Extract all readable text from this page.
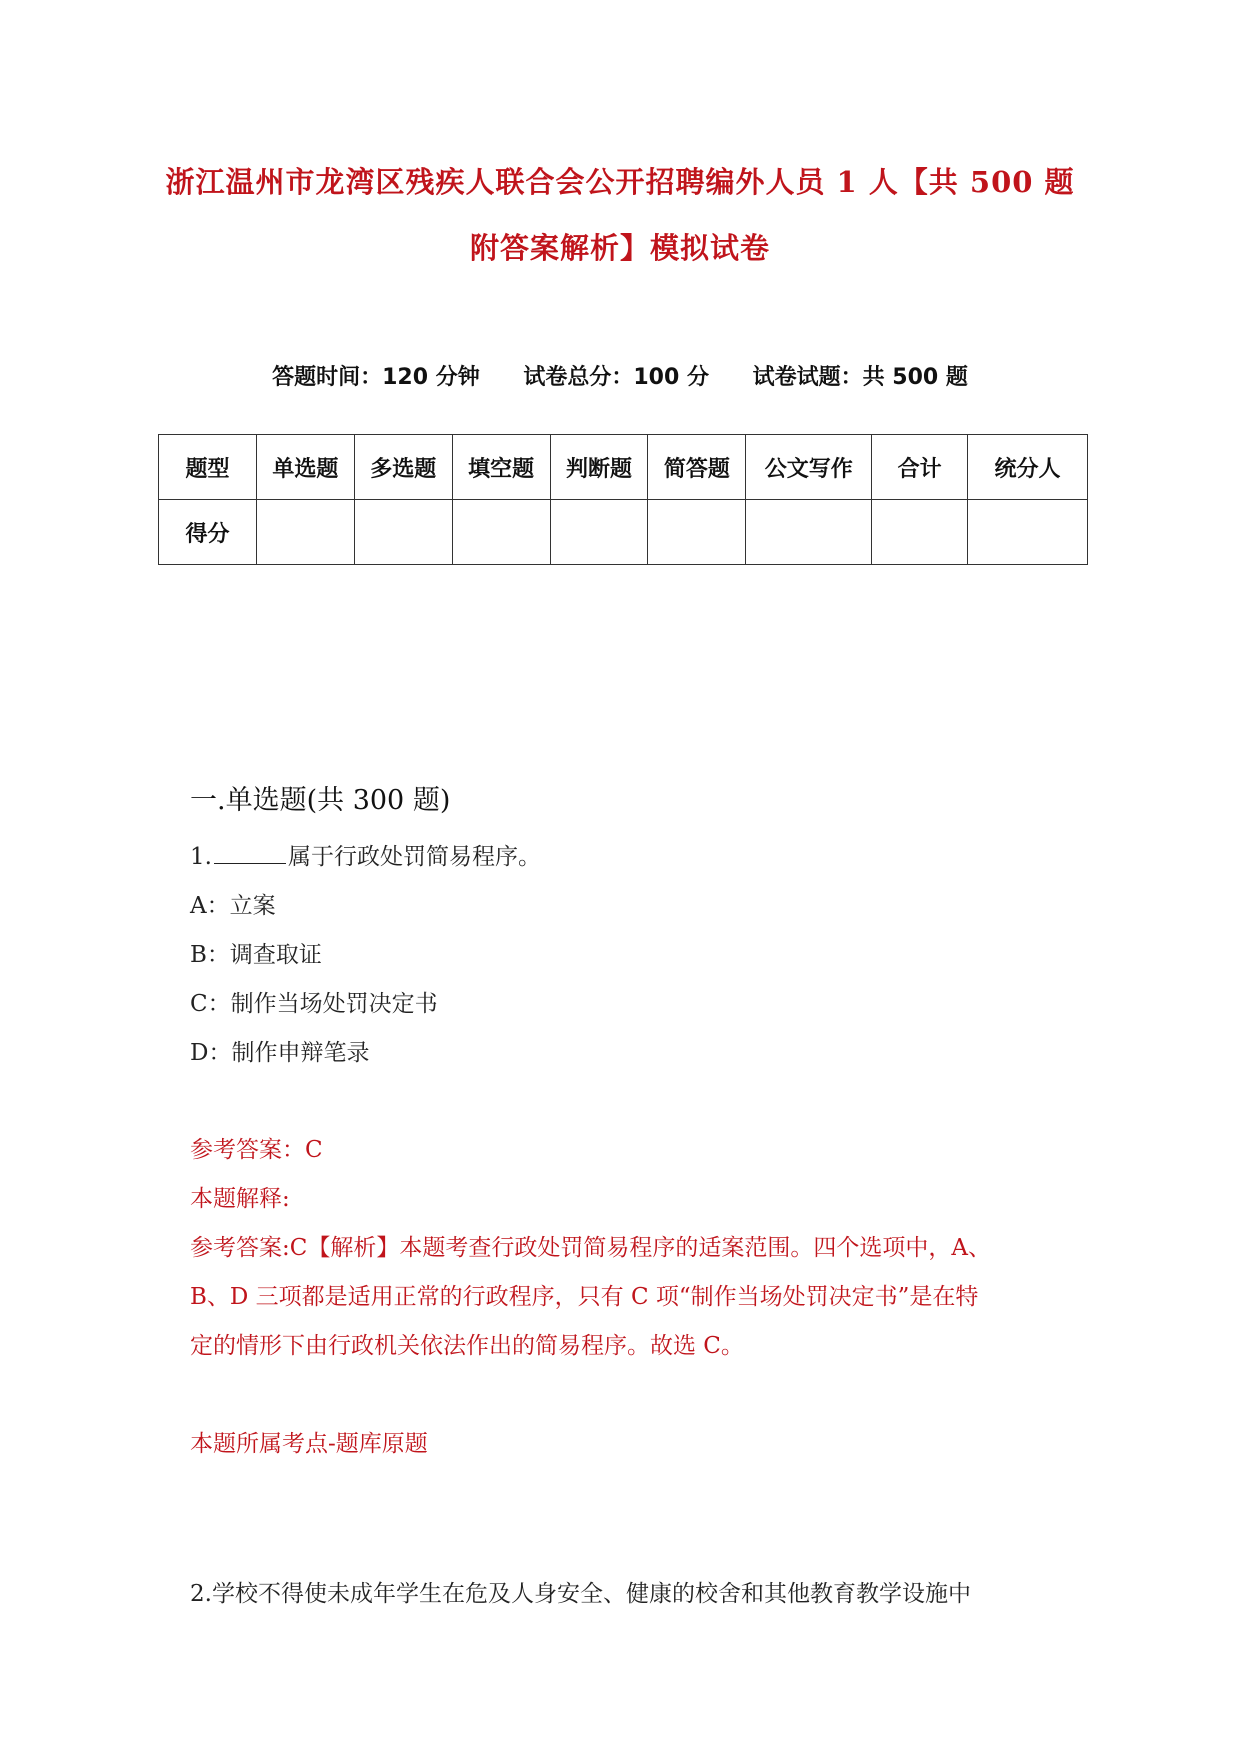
浙江温州市龙湾区残疾人联合会公开招聘编外人员 1 人【共 500 题
附答案解析】模拟试卷
答题时间：120 分钟 试卷总分：100 分 试卷试题：共 500 题
题型	单选题	多选题	填空题	判断题	简答题	公文写作	合计	统分人
得分								
一.单选题(共 300 题)
1.	属于行政处罚简易程序。
A：立案
B：调查取证
C：制作当场处罚决定书
D：制作申辩笔录
参考答案：C
本题解释:
参考答案:C【解析】本题考查行政处罚简易程序的适案范围。四个选项中，A、
B、D 三项都是适用正常的行政程序，只有 C 项“制作当场处罚决定书”是在特
定的情形下由行政机关依法作出的简易程序。故选 C。
本题所属考点-题库原题
2.学校不得使未成年学生在危及人身安全、健康的校舍和其他教育教学设施中
